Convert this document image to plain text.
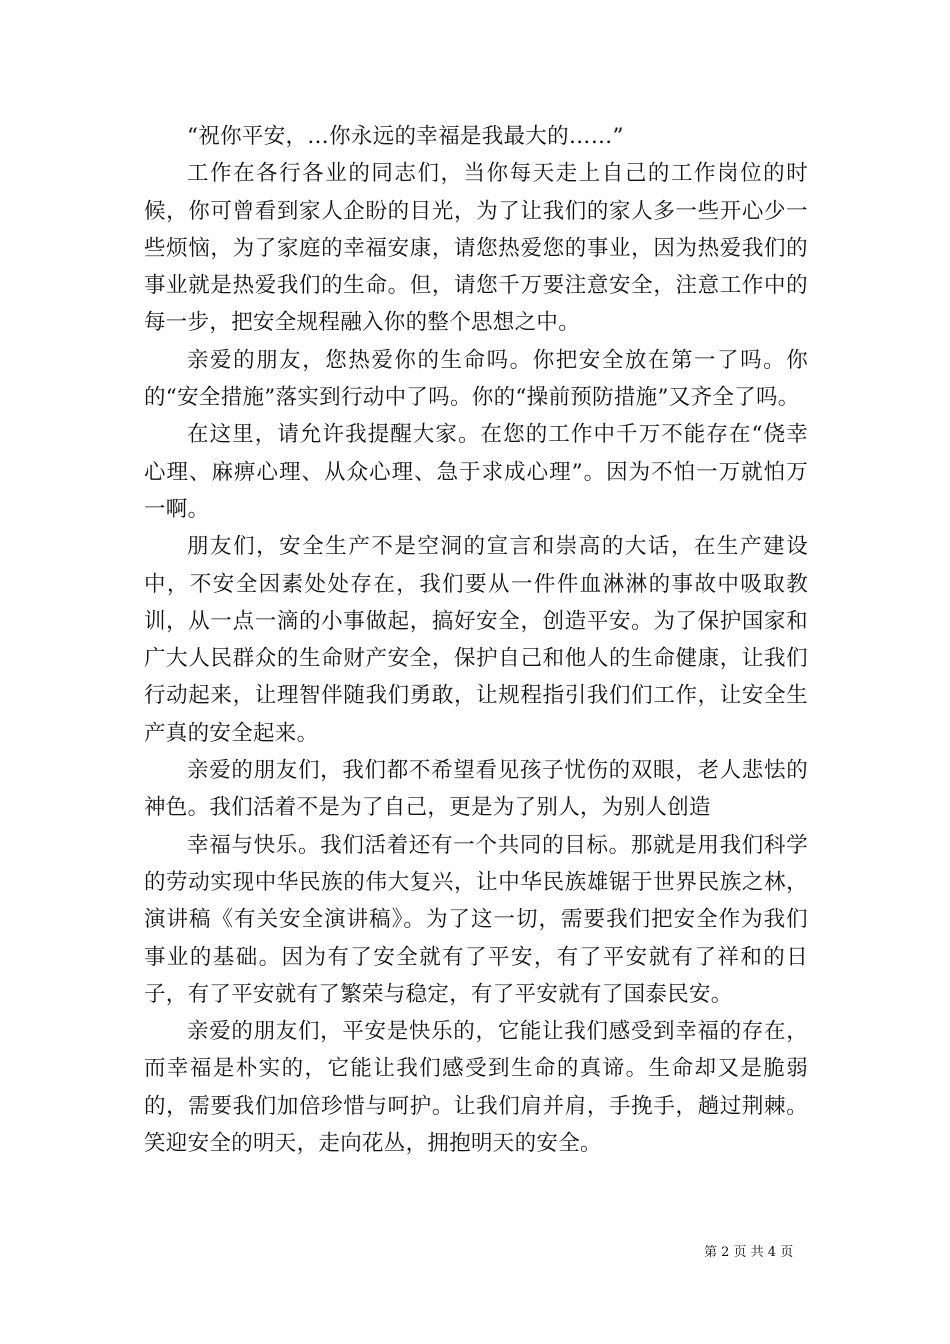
“祝你平安，…你永远的幸福是我最大的……”

工作在各行各业的同志们，当你每天走上自己的工作岗位的时候，你可曾看到家人企盼的目光，为了让我们的家人多一些开心少一些烦恼，为了家庭的幸福安康，请您热爱您的事业，因为热爱我们的事业就是热爱我们的生命。但，请您千万要注意安全，注意工作中的每一步，把安全规程融入你的整个思想之中。

亲爱的朋友，您热爱你的生命吗。你把安全放在第一了吗。你的“安全措施”落实到行动中了吗。你的“操前预防措施”又齐全了吗。

在这里，请允许我提醒大家。在您的工作中千万不能存在“侥幸心理、麻痹心理、从众心理、急于求成心理”。因为不怕一万就怕万一啊。

朋友们，安全生产不是空洞的宣言和崇高的大话，在生产建设中，不安全因素处处存在，我们要从一件件血淋淋的事故中吸取教训，从一点一滴的小事做起，搞好安全，创造平安。为了保护国家和广大人民群众的生命财产安全，保护自己和他人的生命健康，让我们行动起来，让理智伴随我们勇敢，让规程指引我们们工作，让安全生产真的安全起来。

亲爱的朋友们，我们都不希望看见孩子忧伤的双眼，老人悲怯的神色。我们活着不是为了自己，更是为了别人，为别人创造

幸福与快乐。我们活着还有一个共同的目标。那就是用我们科学的劳动实现中华民族的伟大复兴，让中华民族雄锯于世界民族之林，演讲稿《有关安全演讲稿》。为了这一切，需要我们把安全作为我们事业的基础。因为有了安全就有了平安，有了平安就有了祥和的日子，有了平安就有了繁荣与稳定，有了平安就有了国泰民安。

亲爱的朋友们，平安是快乐的，它能让我们感受到幸福的存在，而幸福是朴实的，它能让我们感受到生命的真谛。生命却又是脆弱的，需要我们加倍珍惜与呵护。让我们肩并肩，手挽手，趟过荆棘。笑迎安全的明天，走向花丛，拥抱明天的安全。

第 2 页 共 4 页
